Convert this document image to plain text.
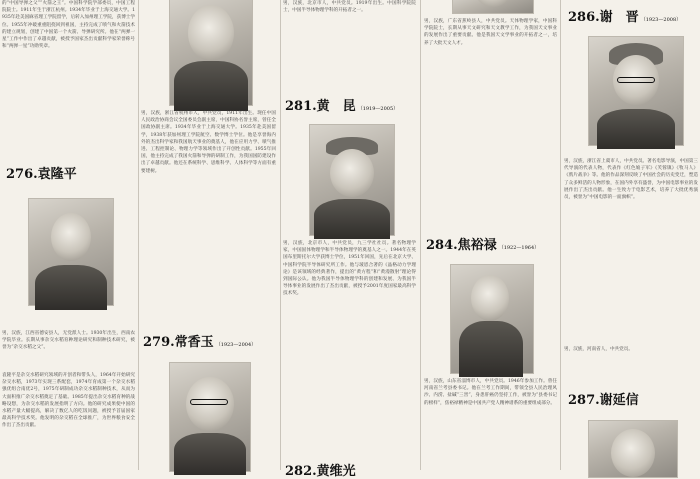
的“中国导弹之父”“火箭之王”。中国科学院学部委员，中国工程院院士。1911年生于浙江杭州。1934年毕业于上海交通大学。1935年赴美国麻省理工学院留学，后转入加州理工学院，获博士学位。1955年冲破重重阻挠回到祖国，主持完成了喷气和火箭技术的建立规划，创建了中国第一个火箭、导弹研究所。他在“两弹一星”工作中作出了卓越贡献，被授予国家杰出贡献科学家荣誉称号和“两弹一星”功勋奖章。
276.袁隆平
男，汉族，江西省德安县人，无党派人士。1930年出生，西南农学院毕业。长期从事杂交水稻育种理论研究和制种技术研究，被誉为“杂交水稻之父”。
袁隆平是杂交水稻研究领域的开创者和带头人，1964年开始研究杂交水稻，1973年实现三系配套，1974年育成第一个杂交水稻强优组合南优2号，1975年研制成功杂交水稻制种技术，从而为大面积推广杂交水稻奠定了基础。1985年提出杂交水稻育种的战略设想，为杂交水稻的发展指明了方向。他的研究成果使中国的水稻产量大幅提高，解决了数亿人的吃饭问题，被授予首届国家最高科学技术奖。他发明的杂交稻在全球推广，为世界粮食安全作出了杰出贡献。
男，汉族，浙江省杭州市人，中共党员，1911年出生。现任中国人民政治协商会议全国委员会副主席，中国科协名誉主席，曾任全国政协副主席。1934年毕业于上海交通大学。1935年赴美国留学，1938年获加州理工学院航空、数学博士学位。他是享誉海内外的杰出科学家和我国航天事业的奠基人，他在应用力学、喷气推进、工程控制论、物理力学等领域作出了开创性贡献。1955年回国，他主持完成了我国火箭和导弹的研制工作，为我国国防建设作出了卓越贡献。他还在系统科学、思维科学、人体科学等方面有重要建树。
279.常香玉 （1923—2004）
男，汉族，北京市人，中共党员。1919年出生。中国科学院院士，中国半导体物理学科的开拓者之一。
281.黄　昆 （1919—2005）
男，汉族，北京市人，中共党员，九三学社社员。著名物理学家，中国固体物理学和半导体物理学的奠基人之一。1944年在英国布里斯托尔大学获博士学位，1951年回国，先后在北京大学、中国科学院半导体研究所工作。他与玻恩合著的《晶格动力学理论》是该领域的经典著作，提出的“黄方程”和“黄漫散射”理论得到国际公认。他为我国半导体物理学科的创建和发展、为我国半导体事业的发展作出了杰出贡献，被授予2001年度国家最高科学技术奖。
282.黄维光
男，汉族，广东省蕉岭县人，中共党员。天体物理学家，中国科学院院士，长期从事天文研究和天文教学工作，为我国天文事业的发展作出了重要贡献。他是我国天文学事业的开拓者之一，培养了大批天文人才。
284.焦裕禄 （1922—1964）
男，汉族，山东省淄博市人，中共党员。1946年参加工作。曾任河南省兰考县委书记。他在兰考工作期间，带领全县人民治理风沙、内涝、盐碱“三害”，身患肝癌仍坚持工作，被誉为“县委书记的榜样”，焦裕禄精神是中国共产党人精神谱系的重要组成部分。
286.谢　晋 （1923—2008）
男，汉族，浙江省上虞市人，中共党员。著名电影导演，中国第三代导演的代表人物，代表作《红色娘子军》《芙蓉镇》《牧马人》《鸦片战争》等。他的作品深刻反映了中国社会的历史变迁，塑造了众多鲜活的人物形象，在国内外享有盛誉，为中国电影事业的发展作出了杰出贡献。他一生致力于电影艺术，培养了大批优秀演员，被誉为“中国电影的一面旗帜”。
男，汉族，河南省人，中共党员。
287.谢延信
